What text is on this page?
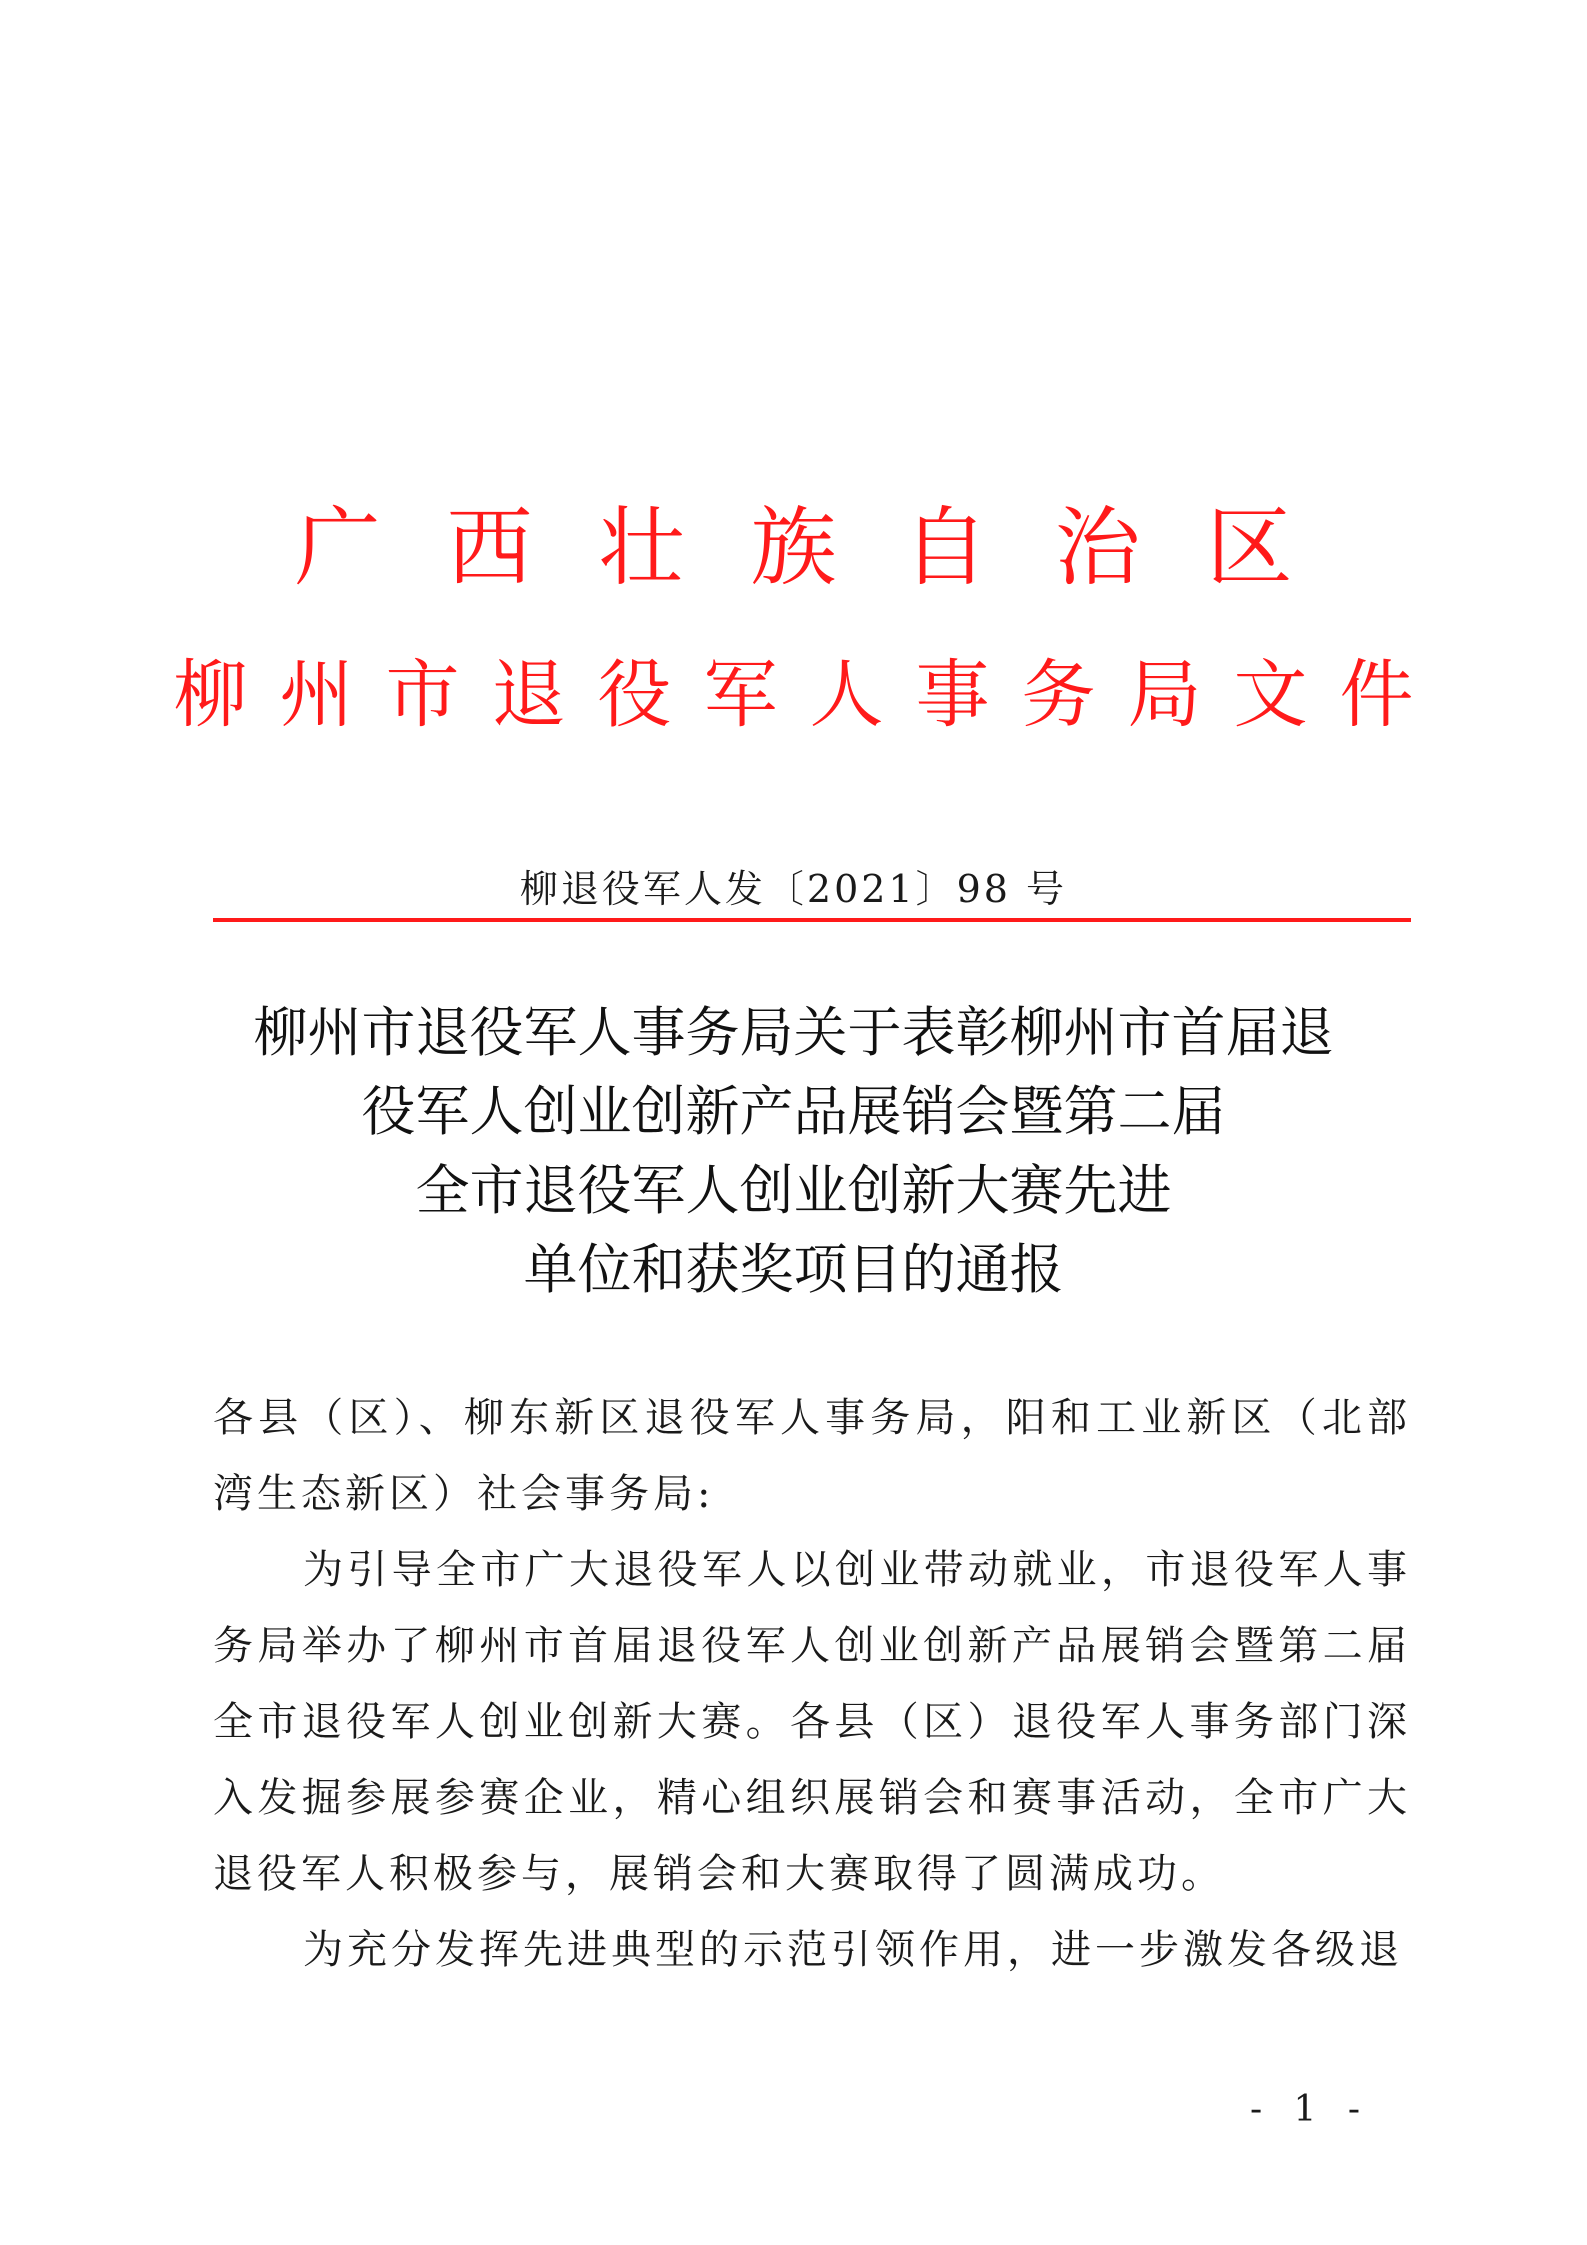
广西壮族自治区
柳州市退役军人事务局文件
柳退役军人发〔2021〕98 号
柳州市退役军人事务局关于表彰柳州市首届退
役军人创业创新产品展销会暨第二届
全市退役军人创业创新大赛先进
单位和获奖项目的通报

各县（区）、柳东新区退役军人事务局，阳和工业新区（北部湾生态新区）社会事务局:

为引导全市广大退役军人以创业带动就业，市退役军人事务局举办了柳州市首届退役军人创业创新产品展销会暨第二届全市退役军人创业创新大赛。各县（区）退役军人事务部门深入发掘参展参赛企业，精心组织展销会和赛事活动，全市广大退役军人积极参与，展销会和大赛取得了圆满成功。

为充分发挥先进典型的示范引领作用，进一步激发各级退

- 1 -
